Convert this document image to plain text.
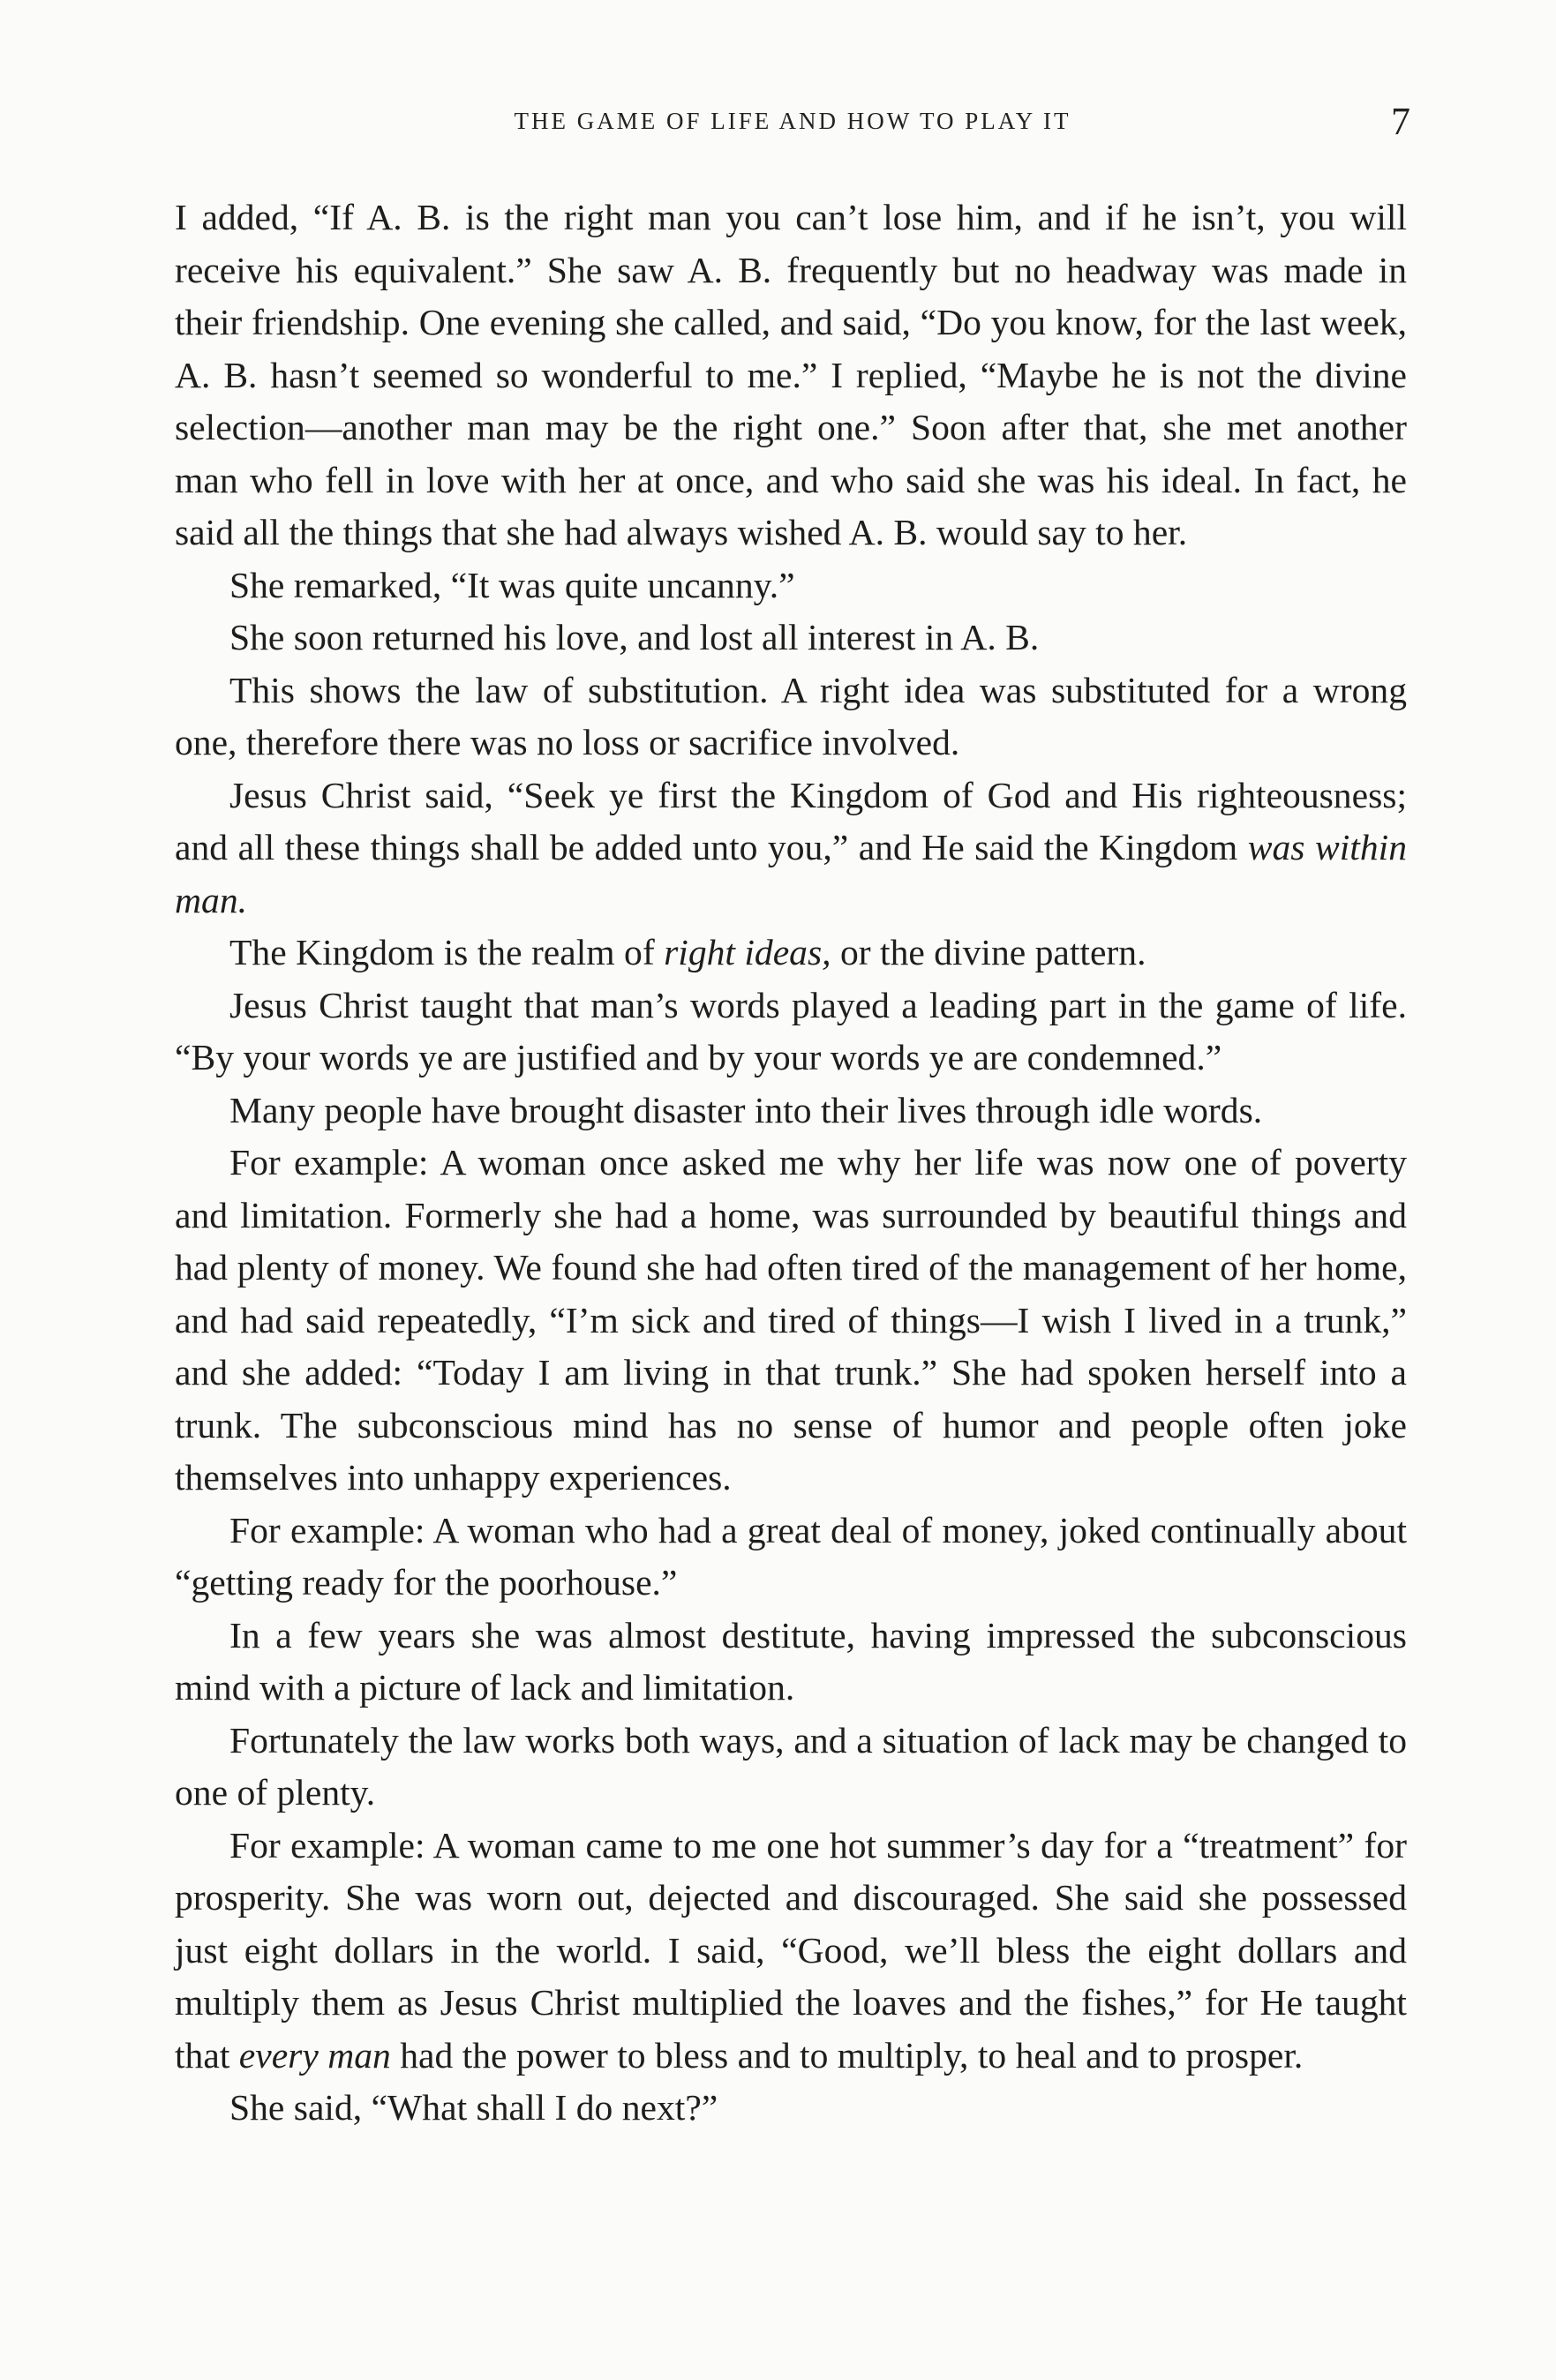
THE GAME OF LIFE AND HOW TO PLAY IT	7

I added, “If A. B. is the right man you can’t lose him, and if he isn’t, you will receive his equivalent.” She saw A. B. frequently but no headway was made in their friendship. One evening she called, and said, “Do you know, for the last week, A. B. hasn’t seemed so wonderful to me.” I replied, “Maybe he is not the divine selection—another man may be the right one.” Soon after that, she met another man who fell in love with her at once, and who said she was his ideal. In fact, he said all the things that she had always wished A. B. would say to her.

She remarked, “It was quite uncanny.”

She soon returned his love, and lost all interest in A. B.

This shows the law of substitution. A right idea was substituted for a wrong one, therefore there was no loss or sacrifice involved.

Jesus Christ said, “Seek ye first the Kingdom of God and His righteousness; and all these things shall be added unto you,” and He said the Kingdom was within man.

The Kingdom is the realm of right ideas, or the divine pattern.

Jesus Christ taught that man’s words played a leading part in the game of life. “By your words ye are justified and by your words ye are condemned.”

Many people have brought disaster into their lives through idle words.

For example: A woman once asked me why her life was now one of poverty and limitation. Formerly she had a home, was surrounded by beautiful things and had plenty of money. We found she had often tired of the management of her home, and had said repeatedly, “I’m sick and tired of things—I wish I lived in a trunk,” and she added: “Today I am living in that trunk.” She had spoken herself into a trunk. The subconscious mind has no sense of humor and people often joke themselves into unhappy experiences.

For example: A woman who had a great deal of money, joked continually about “getting ready for the poorhouse.”

In a few years she was almost destitute, having impressed the subconscious mind with a picture of lack and limitation.

Fortunately the law works both ways, and a situation of lack may be changed to one of plenty.

For example: A woman came to me one hot summer’s day for a “treatment” for prosperity. She was worn out, dejected and discouraged. She said she possessed just eight dollars in the world. I said, “Good, we’ll bless the eight dollars and multiply them as Jesus Christ multiplied the loaves and the fishes,” for He taught that every man had the power to bless and to multiply, to heal and to prosper.

She said, “What shall I do next?”
